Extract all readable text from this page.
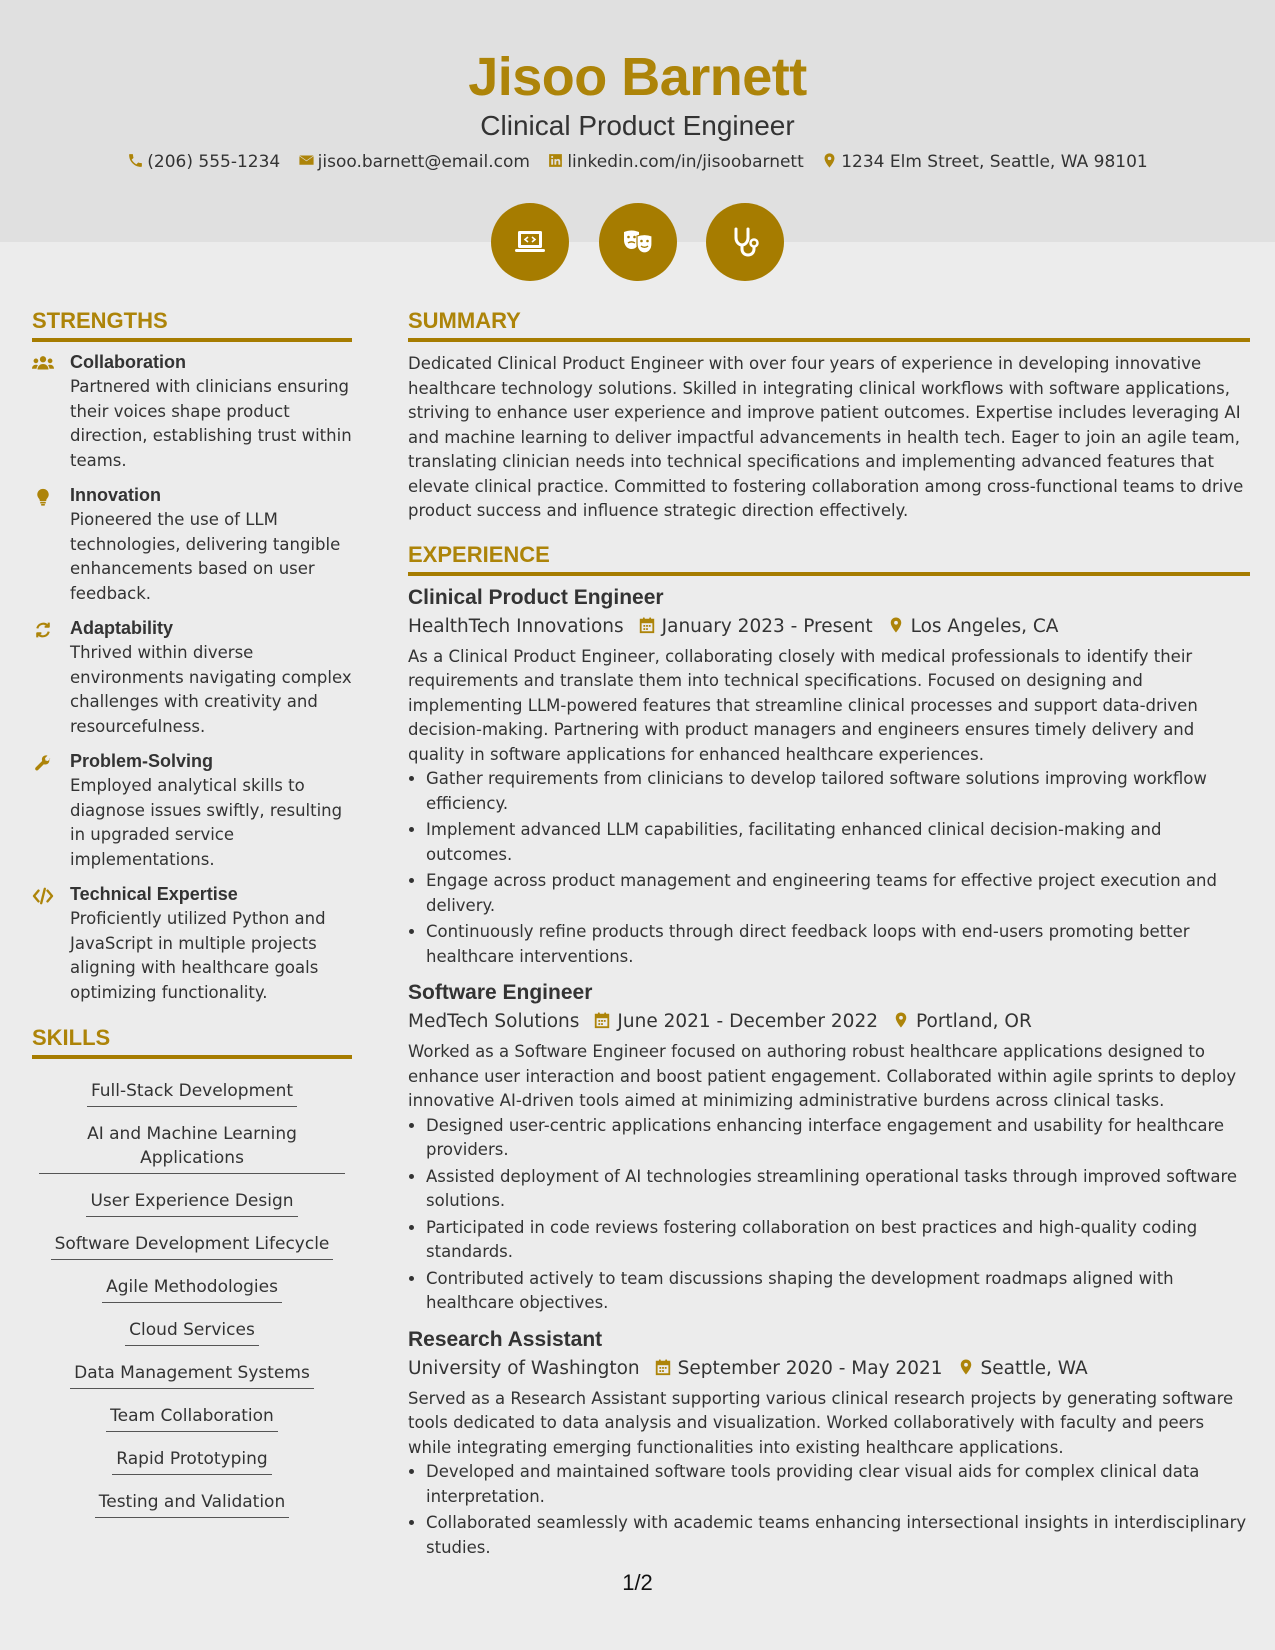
Jisoo Barnett
Clinical Product Engineer
(206) 555-1234 jisoo.barnett@email.com linkedin.com/in/jisoobarnett 1234 Elm Street, Seattle, WA 98101

STRENGTHS
Collaboration
Partnered with clinicians ensuring their voices shape product direction, establishing trust within teams.
Innovation
Pioneered the use of LLM technologies, delivering tangible enhancements based on user feedback.
Adaptability
Thrived within diverse environments navigating complex challenges with creativity and resourcefulness.
Problem-Solving
Employed analytical skills to diagnose issues swiftly, resulting in upgraded service implementations.
Technical Expertise
Proficiently utilized Python and JavaScript in multiple projects aligning with healthcare goals optimizing functionality.
SKILLS
Full-Stack Development
AI and Machine Learning Applications
User Experience Design
Software Development Lifecycle
Agile Methodologies
Cloud Services
Data Management Systems
Team Collaboration
Rapid Prototyping
Testing and Validation
SUMMARY

Dedicated Clinical Product Engineer with over four years of experience in developing innovative healthcare technology solutions. Skilled in integrating clinical workflows with software applications, striving to enhance user experience and improve patient outcomes. Expertise includes leveraging AI and machine learning to deliver impactful advancements in health tech. Eager to join an agile team, translating clinician needs into technical specifications and implementing advanced features that elevate clinical practice. Committed to fostering collaboration among cross-functional teams to drive product success and influence strategic direction effectively.

EXPERIENCE
Clinical Product Engineer
HealthTech Innovations January 2023 - Present Los Angeles, CA
As a Clinical Product Engineer, collaborating closely with medical professionals to identify their requirements and translate them into technical specifications. Focused on designing and implementing LLM-powered features that streamline clinical processes and support data-driven decision-making. Partnering with product managers and engineers ensures timely delivery and quality in software applications for enhanced healthcare experiences.
• Gather requirements from clinicians to develop tailored software solutions improving workflow efficiency.
• Implement advanced LLM capabilities, facilitating enhanced clinical decision-making and outcomes.
• Engage across product management and engineering teams for effective project execution and delivery.
• Continuously refine products through direct feedback loops with end-users promoting better healthcare interventions.
Software Engineer
MedTech Solutions June 2021 - December 2022 Portland, OR
Worked as a Software Engineer focused on authoring robust healthcare applications designed to enhance user interaction and boost patient engagement. Collaborated within agile sprints to deploy innovative AI-driven tools aimed at minimizing administrative burdens across clinical tasks.
• Designed user-centric applications enhancing interface engagement and usability for healthcare providers.
• Assisted deployment of AI technologies streamlining operational tasks through improved software solutions.
• Participated in code reviews fostering collaboration on best practices and high-quality coding standards.
• Contributed actively to team discussions shaping the development roadmaps aligned with healthcare objectives.
Research Assistant
University of Washington September 2020 - May 2021 Seattle, WA
Served as a Research Assistant supporting various clinical research projects by generating software tools dedicated to data analysis and visualization. Worked collaboratively with faculty and peers while integrating emerging functionalities into existing healthcare applications.
• Developed and maintained software tools providing clear visual aids for complex clinical data interpretation.
• Collaborated seamlessly with academic teams enhancing intersectional insights in interdisciplinary studies.
1/2
